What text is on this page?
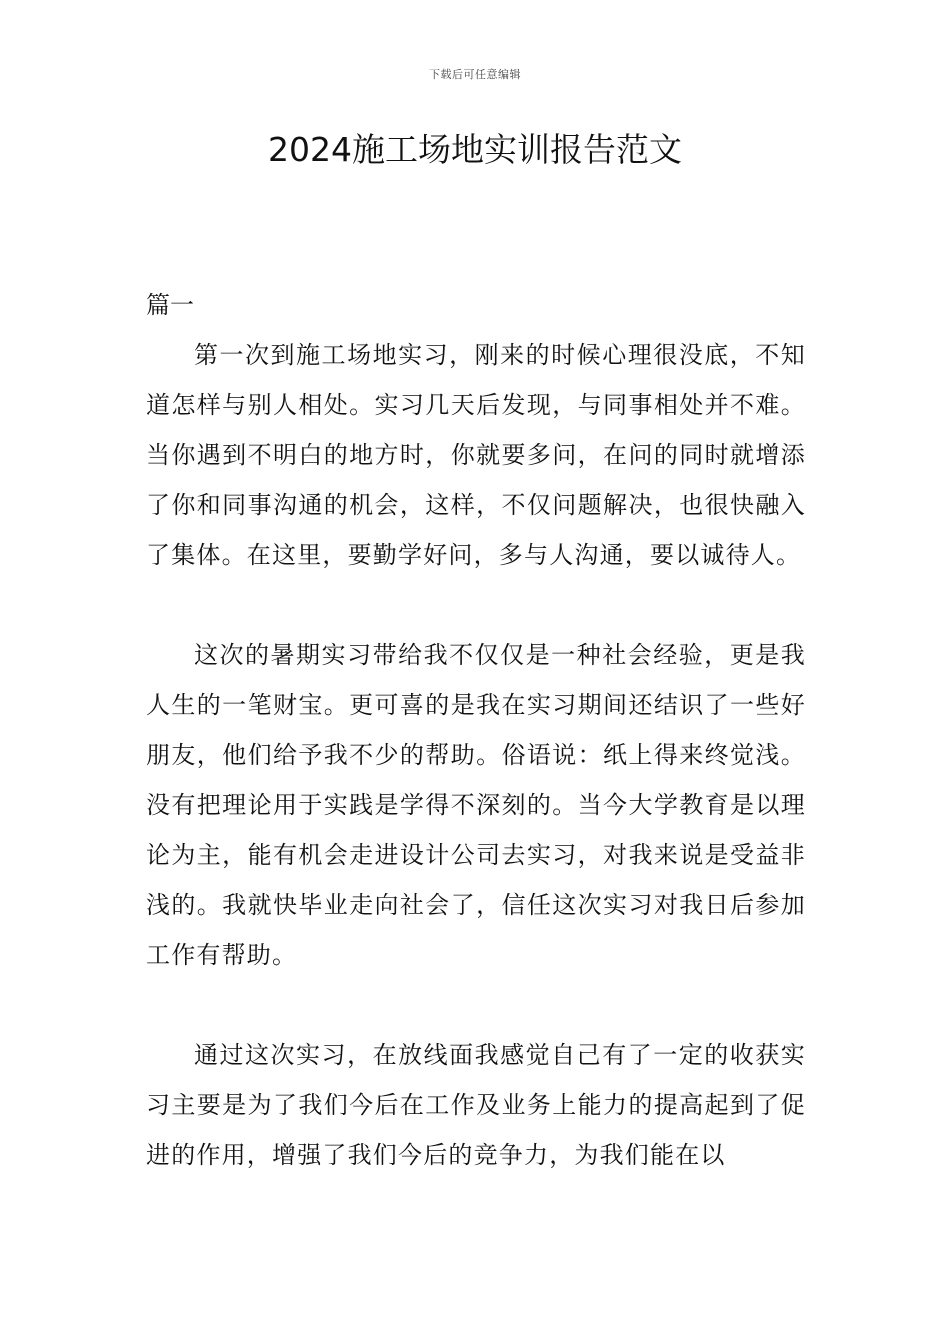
下载后可任意编辑
2024施工场地实训报告范文

篇一

第一次到施工场地实习，刚来的时候心理很没底，不知道怎样与别人相处。实习几天后发现，与同事相处并不难。当你遇到不明白的地方时，你就要多问，在问的同时就增添了你和同事沟通的机会，这样，不仅问题解决，也很快融入了集体。在这里，要勤学好问，多与人沟通，要以诚待人。

这次的暑期实习带给我不仅仅是一种社会经验，更是我人生的一笔财宝。更可喜的是我在实习期间还结识了一些好朋友，他们给予我不少的帮助。俗语说：纸上得来终觉浅。没有把理论用于实践是学得不深刻的。当今大学教育是以理论为主，能有机会走进设计公司去实习，对我来说是受益非浅的。我就快毕业走向社会了，信任这次实习对我日后参加工作有帮助。

通过这次实习，在放线面我感觉自己有了一定的收获实习主要是为了我们今后在工作及业务上能力的提高起到了促进的作用，增强了我们今后的竞争力，为我们能在以
